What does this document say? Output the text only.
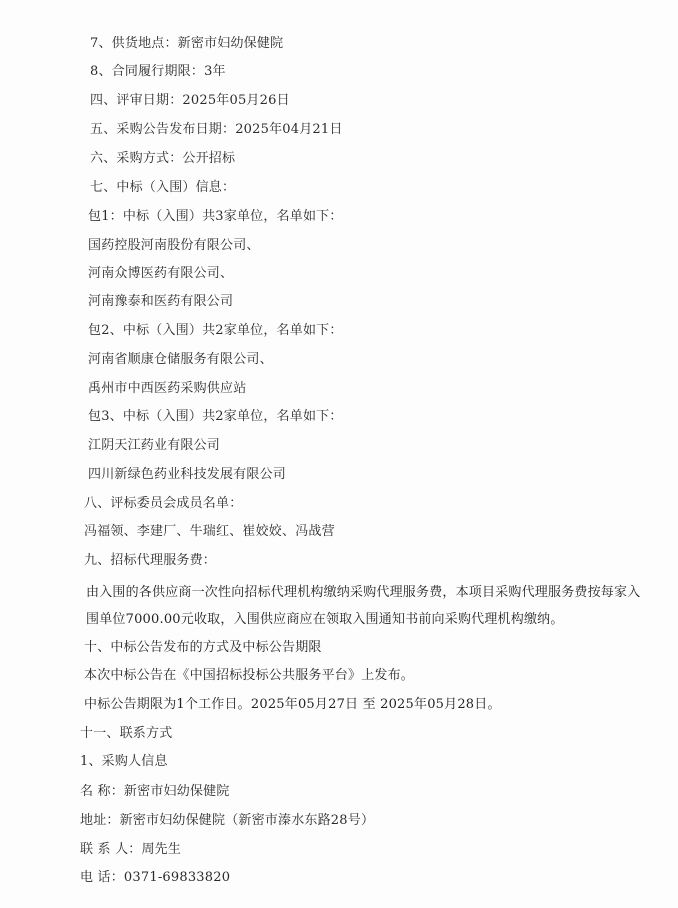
7、供货地点：新密市妇幼保健院
8、合同履行期限：3年
四、评审日期：2025年05月26日
五、采购公告发布日期：2025年04月21日
六、采购方式：公开招标
七、中标（入围）信息：
包1：中标（入围）共3家单位，名单如下：
国药控股河南股份有限公司、
河南众博医药有限公司、
河南豫泰和医药有限公司
包2、中标（入围）共2家单位，名单如下：
河南省顺康仓储服务有限公司、
禹州市中西医药采购供应站
包3、中标（入围）共2家单位，名单如下：
江阴天江药业有限公司
四川新绿色药业科技发展有限公司
八、评标委员会成员名单：
冯福领、李建厂、牛瑞红、崔姣姣、冯战营
九、招标代理服务费：
由入围的各供应商一次性向招标代理机构缴纳采购代理服务费，本项目采购代理服务费按每家入围单位7000.00元收取，入围供应商应在领取入围通知书前向采购代理机构缴纳。
十、中标公告发布的方式及中标公告期限
本次中标公告在《中国招标投标公共服务平台》上发布。
中标公告期限为1个工作日。2025年05月27日 至 2025年05月28日。
十一、联系方式
1、采购人信息
名 称：新密市妇幼保健院
地址：新密市妇幼保健院（新密市溱水东路28号）
联 系 人：周先生
电 话：0371-69833820
